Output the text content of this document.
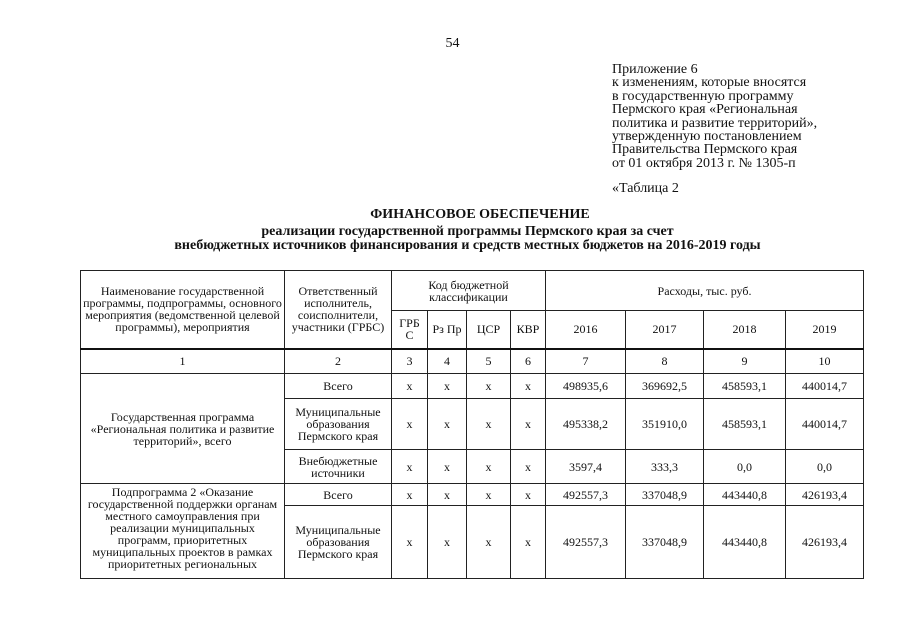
54
Приложение 6
к изменениям, которые вносятся
в государственную программу
Пермского края «Региональная
политика и развитие территорий»,
утвержденную постановлением
Правительства Пермского края
от 01 октября 2013 г. № 1305-п
«Таблица 2
ФИНАНСОВОЕ ОБЕСПЕЧЕНИЕ
реализации государственной программы Пермского края за счет
внебюджетных источников финансирования и средств местных бюджетов на 2016-2019 годы
Наименование государственной программы, подпрограммы, основного мероприятия (ведомственной целевой программы), мероприятия	Ответственный исполнитель, соисполнители, участники (ГРБС)	Код бюджетной классификации				Расходы, тыс. руб.			
		ГРБ С	Рз Пр	ЦСР	КВР	2016	2017	2018	2019
1	2	3	4	5	6	7	8	9	10
Государственная программа «Региональная политика и развитие территорий», всего	Всего	х	х	х	х	498935,6	369692,5	458593,1	440014,7
	Муниципальные образования Пермского края	х	х	х	х	495338,2	351910,0	458593,1	440014,7
	Внебюджетные источники	х	х	х	х	3597,4	333,3	0,0	0,0
Подпрограмма 2 «Оказание государственной поддержки органам местного самоуправления при реализации муниципальных программ, приоритетных муниципальных проектов в рамках приоритетных региональных	Всего	х	х	х	х	492557,3	337048,9	443440,8	426193,4
	Муниципальные образования Пермского края	х	х	х	х	492557,3	337048,9	443440,8	426193,4
